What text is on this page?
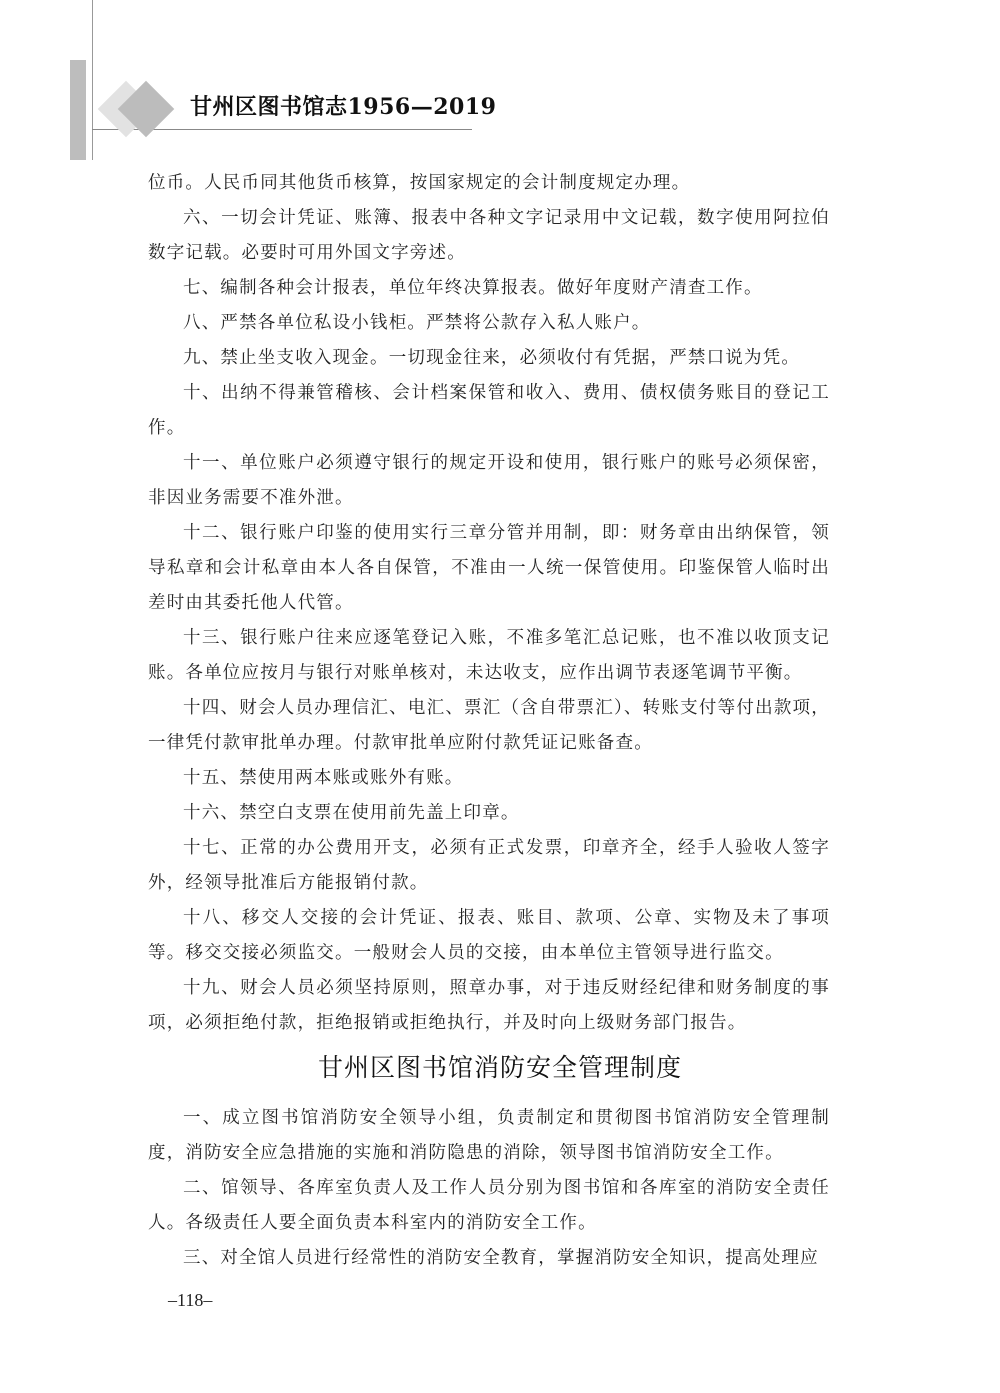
甘州区图书馆志1956—2019

位币。人民币同其他货币核算，按国家规定的会计制度规定办理。

六、一切会计凭证、账簿、报表中各种文字记录用中文记载，数字使用阿拉伯数字记载。必要时可用外国文字旁述。

七、编制各种会计报表，单位年终决算报表。做好年度财产清查工作。

八、严禁各单位私设小钱柜。严禁将公款存入私人账户。

九、禁止坐支收入现金。一切现金往来，必须收付有凭据，严禁口说为凭。

十、出纳不得兼管稽核、会计档案保管和收入、费用、债权债务账目的登记工作。

十一、单位账户必须遵守银行的规定开设和使用，银行账户的账号必须保密，非因业务需要不准外泄。

十二、银行账户印鉴的使用实行三章分管并用制，即：财务章由出纳保管，领导私章和会计私章由本人各自保管，不准由一人统一保管使用。印鉴保管人临时出差时由其委托他人代管。

十三、银行账户往来应逐笔登记入账，不准多笔汇总记账，也不准以收顶支记账。各单位应按月与银行对账单核对，未达收支，应作出调节表逐笔调节平衡。

十四、财会人员办理信汇、电汇、票汇（含自带票汇）、转账支付等付出款项，一律凭付款审批单办理。付款审批单应附付款凭证记账备查。

十五、禁使用两本账或账外有账。

十六、禁空白支票在使用前先盖上印章。

十七、正常的办公费用开支，必须有正式发票，印章齐全，经手人验收人签字外，经领导批准后方能报销付款。

十八、移交人交接的会计凭证、报表、账目、款项、公章、实物及未了事项等。移交交接必须监交。一般财会人员的交接，由本单位主管领导进行监交。

十九、财会人员必须坚持原则，照章办事，对于违反财经纪律和财务制度的事项，必须拒绝付款，拒绝报销或拒绝执行，并及时向上级财务部门报告。

甘州区图书馆消防安全管理制度

一、成立图书馆消防安全领导小组，负责制定和贯彻图书馆消防安全管理制度，消防安全应急措施的实施和消防隐患的消除，领导图书馆消防安全工作。

二、馆领导、各库室负责人及工作人员分别为图书馆和各库室的消防安全责任人。各级责任人要全面负责本科室内的消防安全工作。

三、对全馆人员进行经常性的消防安全教育，掌握消防安全知识，提高处理应

–118–
